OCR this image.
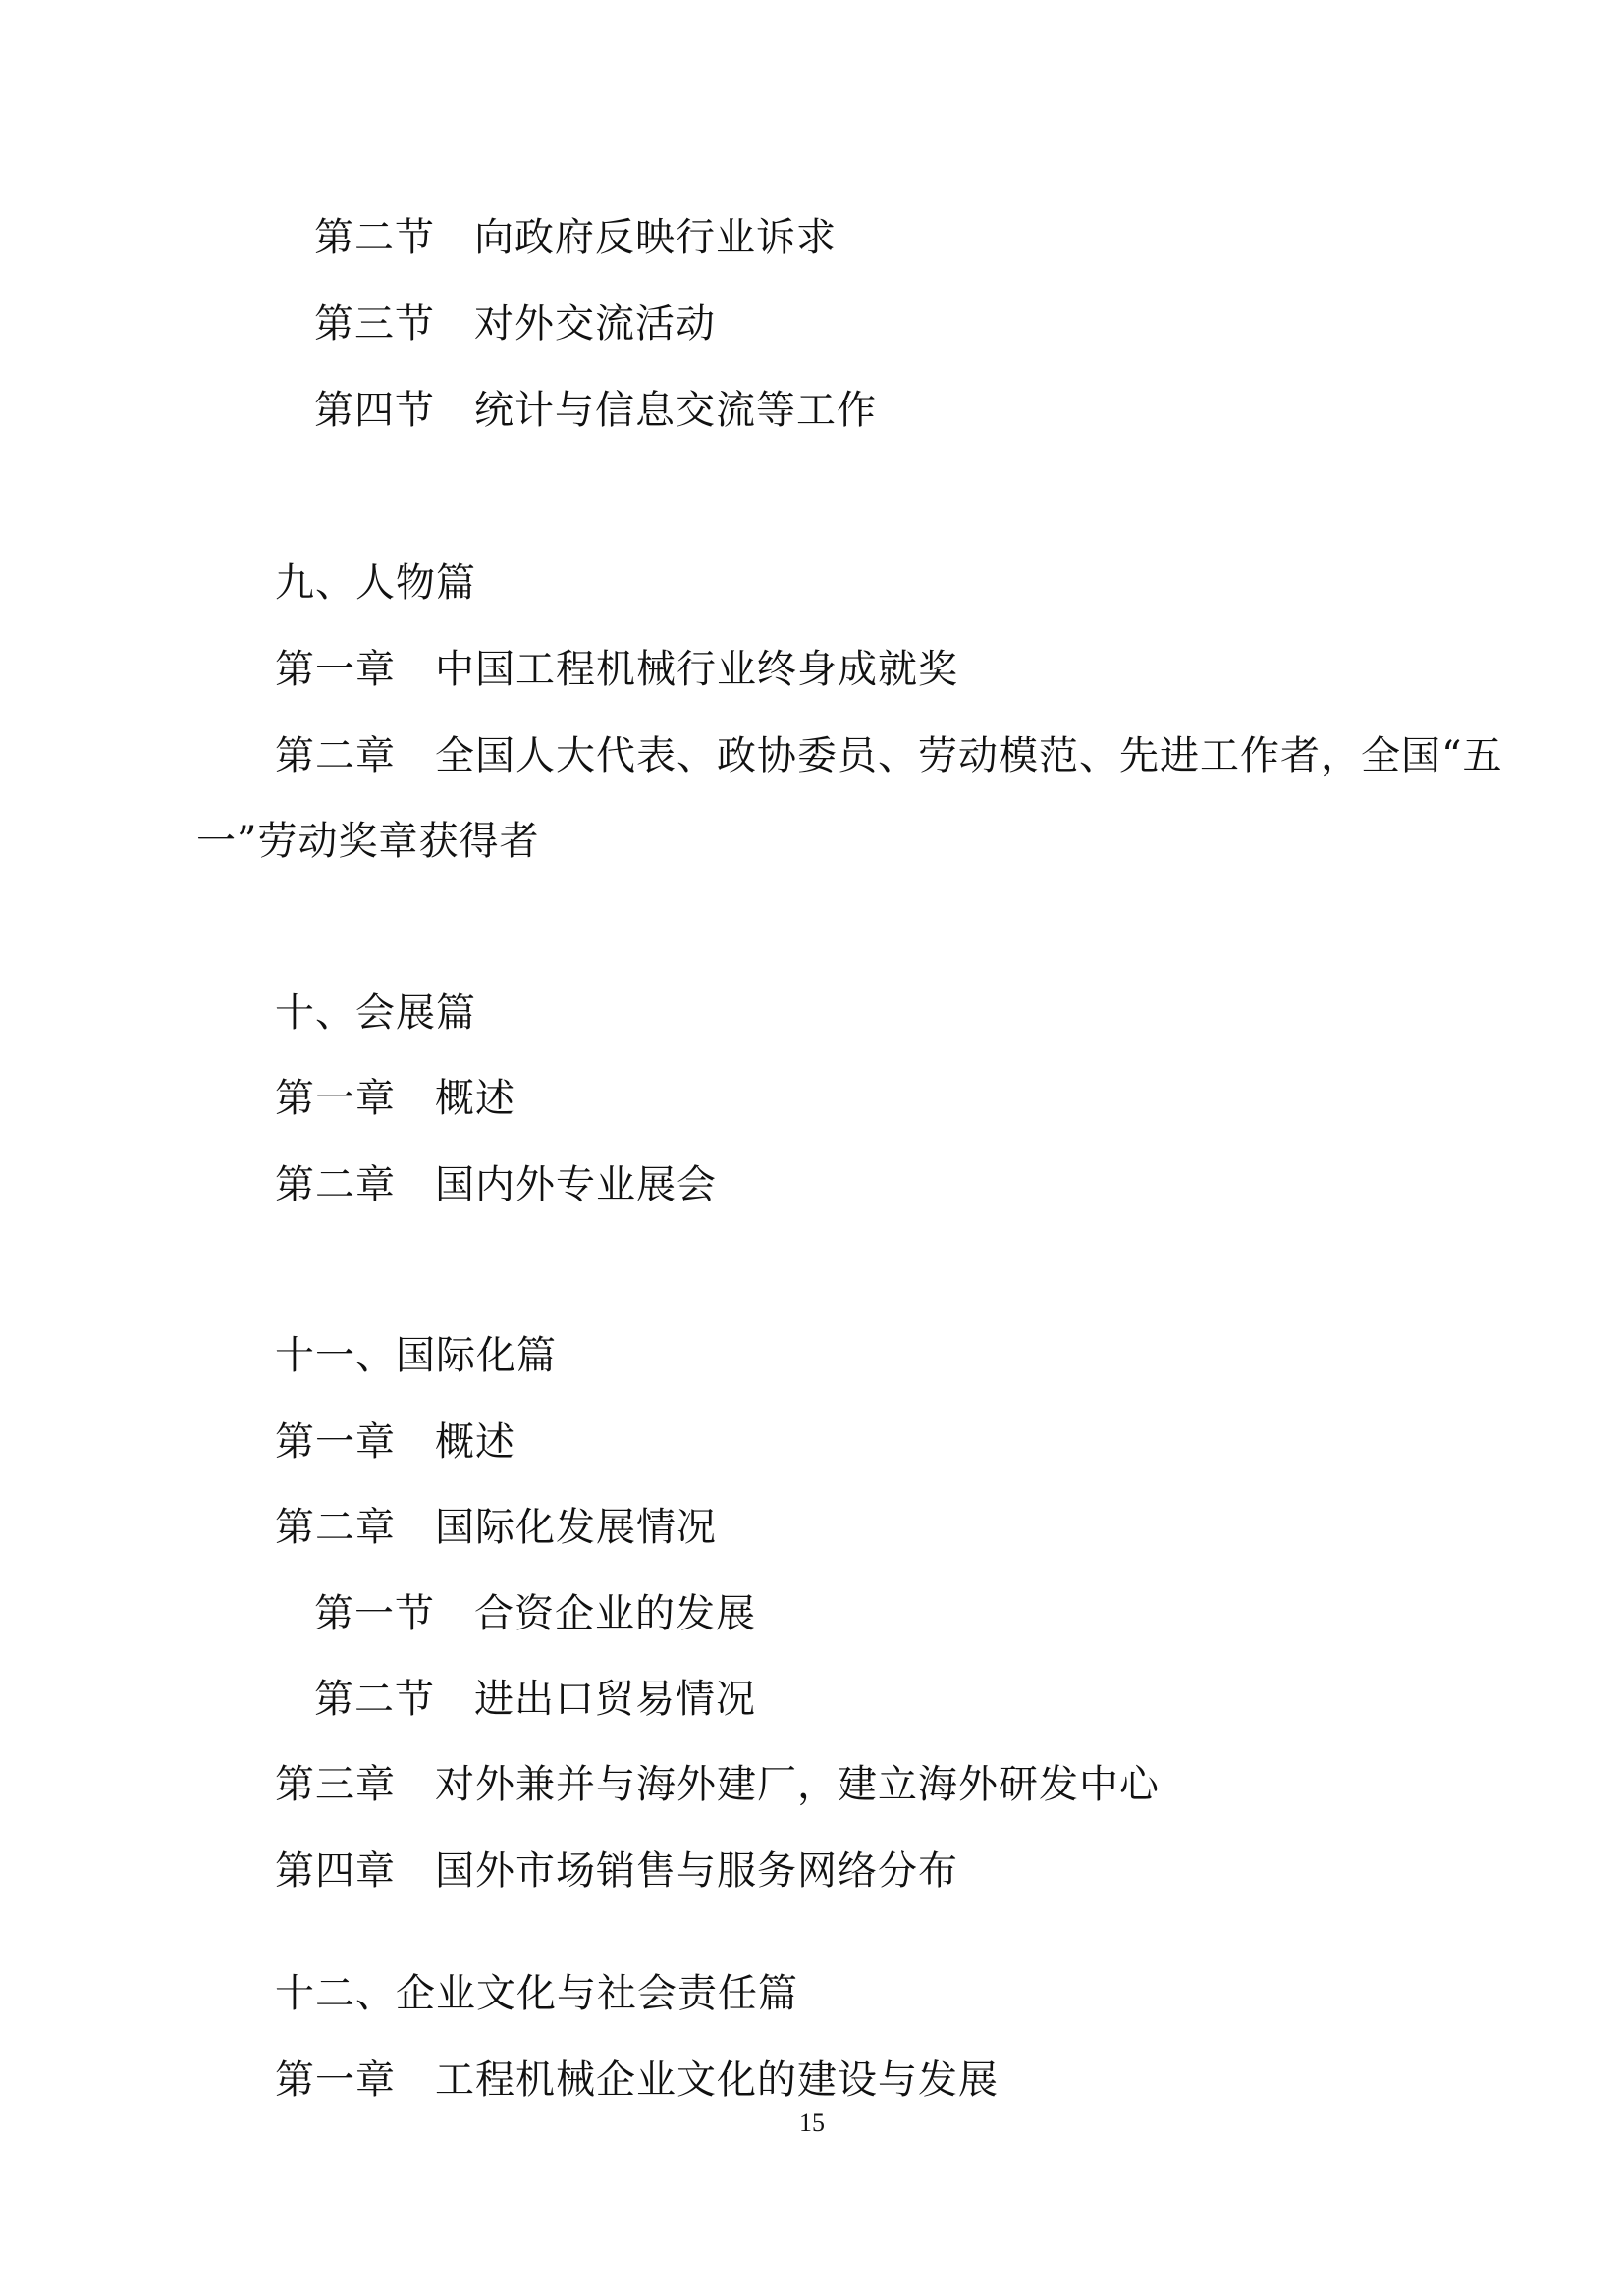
第二节 向政府反映行业诉求
第三节 对外交流活动
第四节 统计与信息交流等工作
九、人物篇
第一章 中国工程机械行业终身成就奖
第二章 全国人大代表、政协委员、劳动模范、先进工作者，全国“五
一”劳动奖章获得者
十、会展篇
第一章 概述
第二章 国内外专业展会
十一、国际化篇
第一章 概述
第二章 国际化发展情况
第一节 合资企业的发展
第二节 进出口贸易情况
第三章 对外兼并与海外建厂，建立海外研发中心
第四章 国外市场销售与服务网络分布
十二、企业文化与社会责任篇
第一章 工程机械企业文化的建设与发展
15
